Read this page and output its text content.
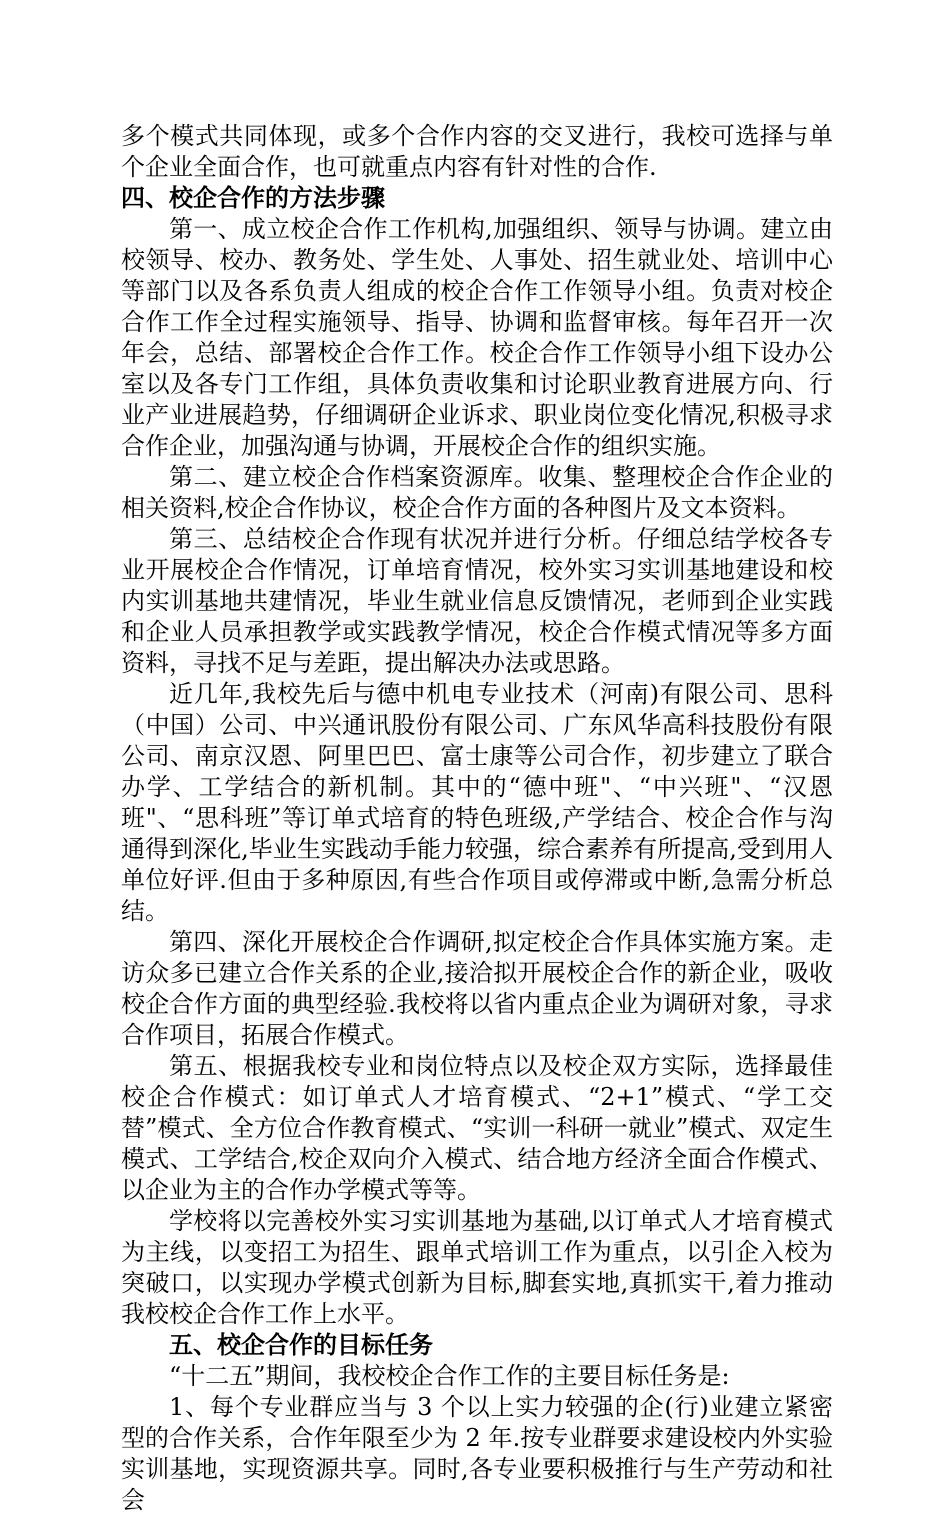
多个模式共同体现，或多个合作内容的交叉进行，我校可选择与单个企业全面合作，也可就重点内容有针对性的合作.

四、校企合作的方法步骤

第一、成立校企合作工作机构,加强组织、领导与协调。建立由校领导、校办、教务处、学生处、人事处、招生就业处、培训中心等部门以及各系负责人组成的校企合作工作领导小组。负责对校企合作工作全过程实施领导、指导、协调和监督审核。每年召开一次年会，总结、部署校企合作工作。校企合作工作领导小组下设办公室以及各专门工作组，具体负责收集和讨论职业教育进展方向、行业产业进展趋势，仔细调研企业诉求、职业岗位变化情况,积极寻求合作企业，加强沟通与协调，开展校企合作的组织实施。

第二、建立校企合作档案资源库。收集、整理校企合作企业的相关资料,校企合作协议，校企合作方面的各种图片及文本资料。

第三、总结校企合作现有状况并进行分析。仔细总结学校各专业开展校企合作情况，订单培育情况，校外实习实训基地建设和校内实训基地共建情况，毕业生就业信息反馈情况，老师到企业实践和企业人员承担教学或实践教学情况，校企合作模式情况等多方面资料，寻找不足与差距，提出解决办法或思路。

近几年,我校先后与德中机电专业技术（河南)有限公司、思科（中国）公司、中兴通讯股份有限公司、广东风华高科技股份有限公司、南京汉恩、阿里巴巴、富士康等公司合作，初步建立了联合办学、工学结合的新机制。其中的“德中班"、“中兴班"、“汉恩班"、“思科班”等订单式培育的特色班级,产学结合、校企合作与沟通得到深化,毕业生实践动手能力较强，综合素养有所提高,受到用人单位好评.但由于多种原因,有些合作项目或停滞或中断,急需分析总结。

第四、深化开展校企合作调研,拟定校企合作具体实施方案。走访众多已建立合作关系的企业,接洽拟开展校企合作的新企业，吸收校企合作方面的典型经验.我校将以省内重点企业为调研对象，寻求合作项目，拓展合作模式。

第五、根据我校专业和岗位特点以及校企双方实际，选择最佳校企合作模式：如订单式人才培育模式、“2+1”模式、“学工交替”模式、全方位合作教育模式、“实训一科研一就业”模式、双定生模式、工学结合,校企双向介入模式、结合地方经济全面合作模式、以企业为主的合作办学模式等等。

学校将以完善校外实习实训基地为基础,以订单式人才培育模式为主线，以变招工为招生、跟单式培训工作为重点，以引企入校为突破口，以实现办学模式创新为目标,脚套实地,真抓实干,着力推动我校校企合作工作上水平。

五、校企合作的目标任务

“十二五”期间，我校校企合作工作的主要目标任务是:

1、每个专业群应当与 3 个以上实力较强的企(行)业建立紧密型的合作关系，合作年限至少为 2 年.按专业群要求建设校内外实验实训基地，实现资源共享。同时,各专业要积极推行与生产劳动和社会
